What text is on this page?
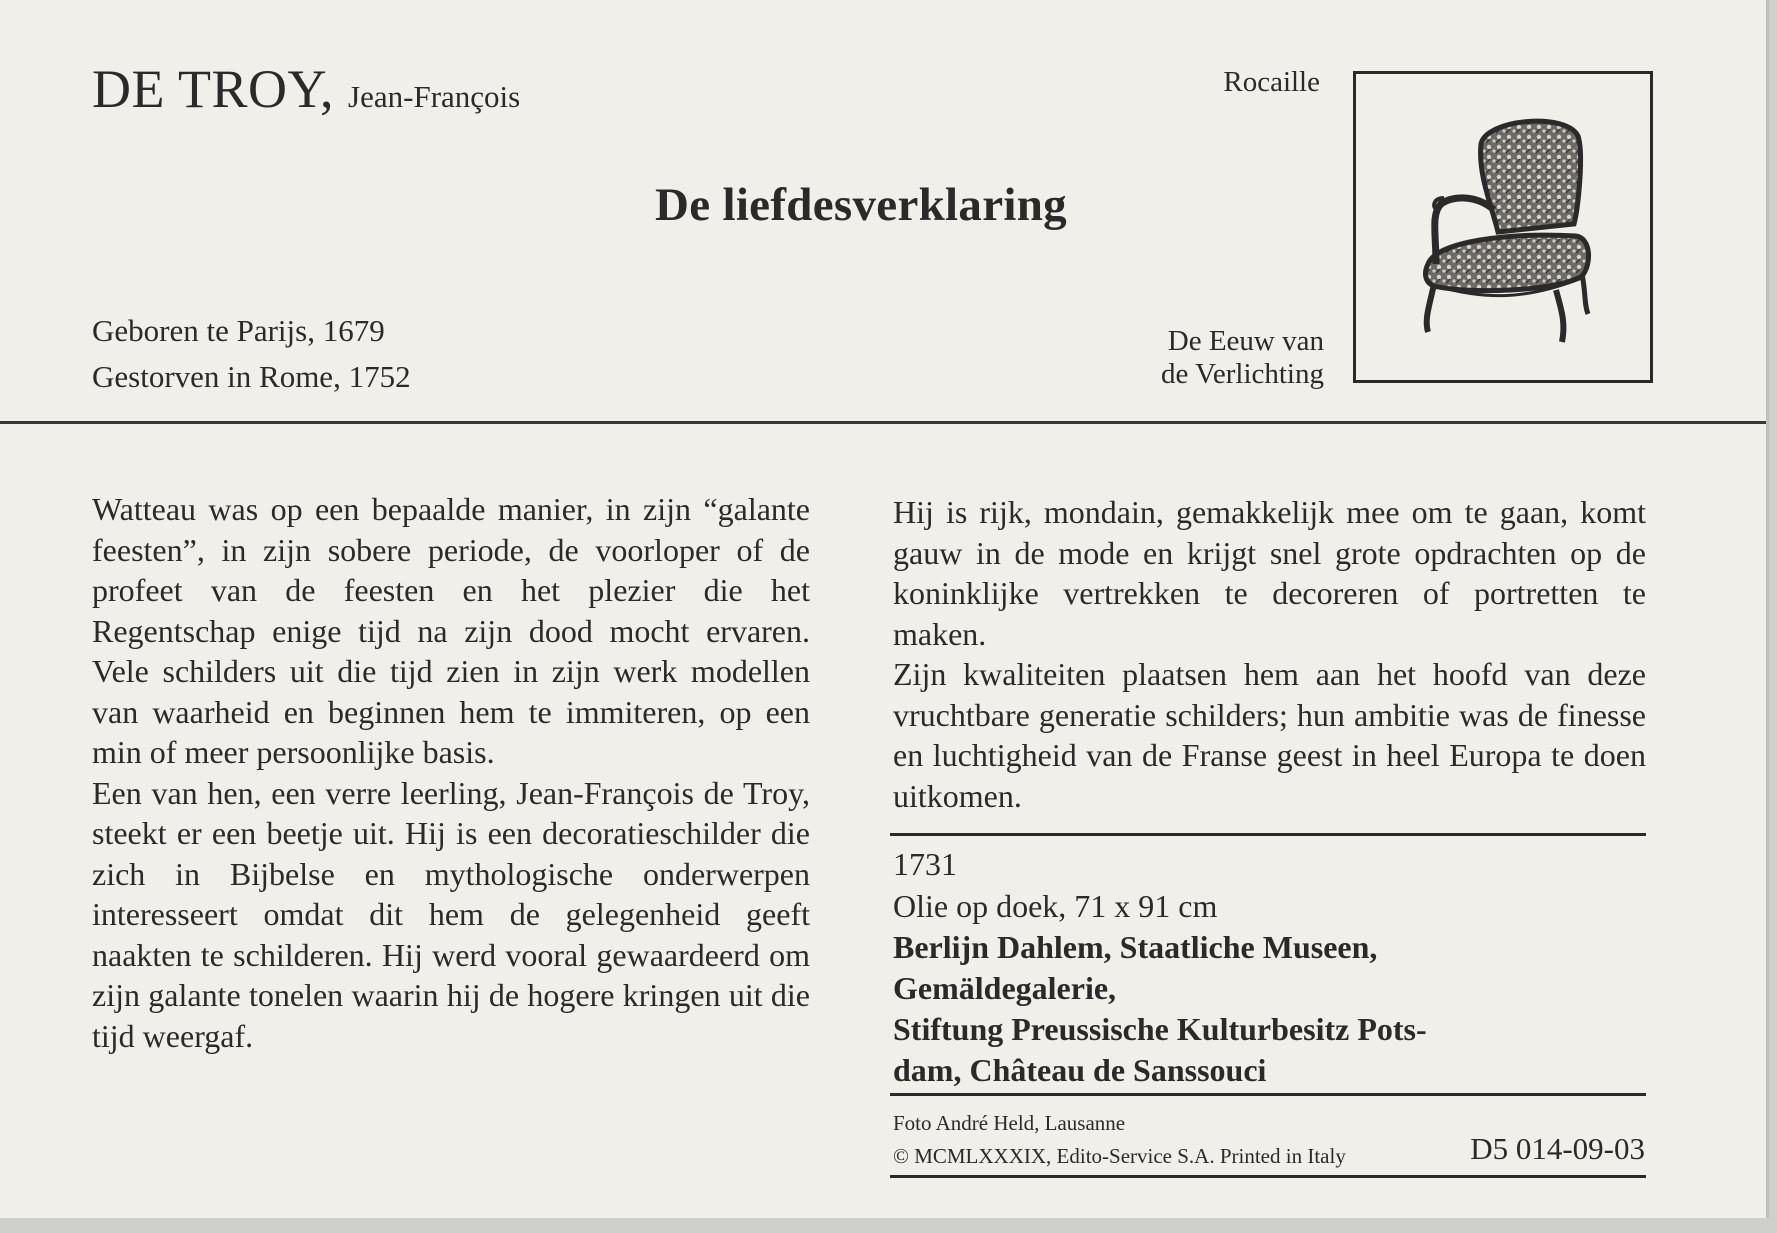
DE TROY, Jean-François	Rocaille
De liefdesverklaring
Geboren te Parijs, 1679
Gestorven in Rome, 1752
De Eeuw van
de Verlichting

Watteau was op een bepaalde manier, in zijn “galante feesten”, in zijn sobere periode, de voorloper of de profeet van de feesten en het plezier die het Regentschap enige tijd na zijn dood mocht ervaren. Vele schilders uit die tijd zien in zijn werk modellen van waarheid en beginnen hem te immiteren, op een min of meer persoonlijke basis.

Een van hen, een verre leerling, Jean-François de Troy, steekt er een beetje uit. Hij is een decoratieschilder die zich in Bijbelse en mythologische onderwerpen interesseert omdat dit hem de gelegenheid geeft naakten te schilderen. Hij werd vooral gewaardeerd om zijn galante tonelen waarin hij de hogere kringen uit die tijd weergaf.

Hij is rijk, mondain, gemakkelijk mee om te gaan, komt gauw in de mode en krijgt snel grote opdrachten op de koninklijke vertrekken te decoreren of portretten te maken.

Zijn kwaliteiten plaatsen hem aan het hoofd van deze vruchtbare generatie schilders; hun ambitie was de finesse en luchtigheid van de Franse geest in heel Europa te doen uitkomen.

1731
Olie op doek, 71 x 91 cm
Berlijn Dahlem, Staatliche Museen,
Gemäldegalerie,
Stiftung Preussische Kulturbesitz Pots-
dam, Château de Sanssouci
Foto André Held, Lausanne
© MCMLXXXIX, Edito-Service S.A. Printed in Italy	D5 014-09-03
